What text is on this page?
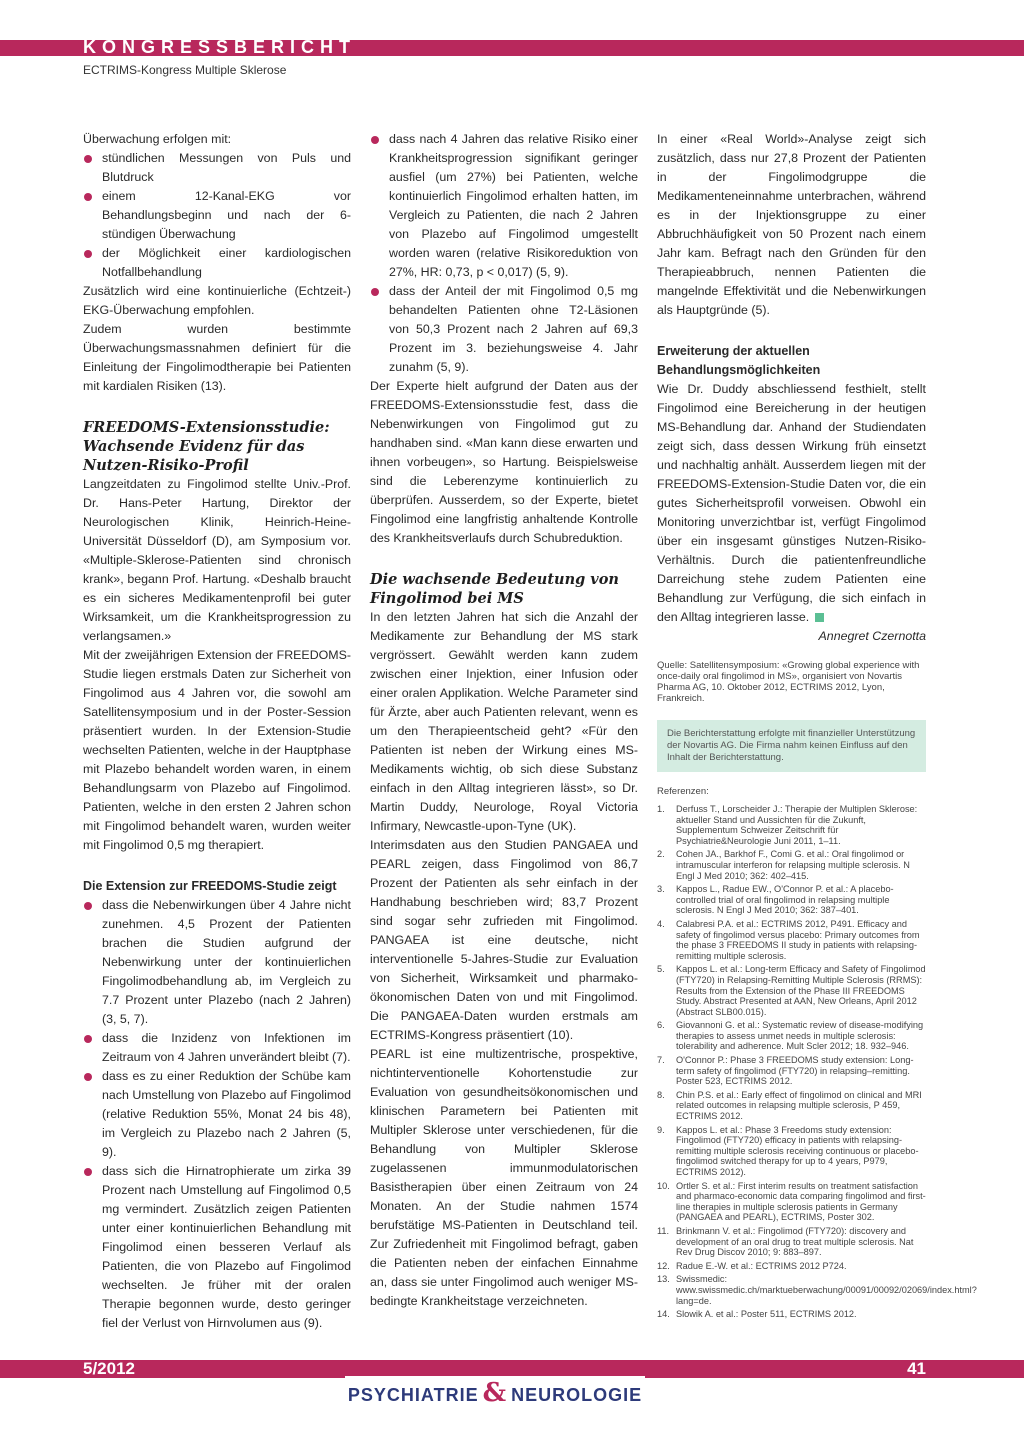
KONGRESSBERICHT
ECTRIMS-Kongress Multiple Sklerose

Überwachung erfolgen mit:

stündlichen Messungen von Puls und Blutdruck
einem 12-Kanal-EKG vor Behandlungsbeginn und nach der 6-stündigen Überwachung
der Möglichkeit einer kardiologischen Notfallbehandlung

Zusätzlich wird eine kontinuierliche (Echtzeit-) EKG-Überwachung empfohlen.

Zudem wurden bestimmte Überwachungsmassnahmen definiert für die Einleitung der Fingolimodtherapie bei Patienten mit kardialen Risiken (13).

FREEDOMS-Extensionsstudie: Wachsende Evidenz für das Nutzen-Risiko-Profil

Langzeitdaten zu Fingolimod stellte Univ.-Prof. Dr. Hans-Peter Hartung, Direktor der Neurologischen Klinik, Heinrich-Heine-Universität Düsseldorf (D), am Symposium vor. «Multiple-Sklerose-Patienten sind chronisch krank», begann Prof. Hartung. «Deshalb braucht es ein sicheres Medikamentenprofil bei guter Wirksamkeit, um die Krankheitsprogression zu verlangsamen.»

Mit der zweijährigen Extension der FREEDOMS-Studie liegen erstmals Daten zur Sicherheit von Fingolimod aus 4 Jahren vor, die sowohl am Satellitensymposium und in der Poster-Session präsentiert wurden. In der Extension-Studie wechselten Patienten, welche in der Hauptphase mit Plazebo behandelt worden waren, in einem Behandlungsarm von Plazebo auf Fingolimod. Patienten, welche in den ersten 2 Jahren schon mit Fingolimod behandelt waren, wurden weiter mit Fingolimod 0,5 mg therapiert.

Die Extension zur FREEDOMS-Studie zeigt
dass die Nebenwirkungen über 4 Jahre nicht zunehmen. 4,5 Prozent der Patienten brachen die Studien aufgrund der Nebenwirkung unter der kontinuierlichen Fingolimodbehandlung ab, im Vergleich zu 7.7 Prozent unter Plazebo (nach 2 Jahren) (3, 5, 7).
dass die Inzidenz von Infektionen im Zeitraum von 4 Jahren unverändert bleibt (7).
dass es zu einer Reduktion der Schübe kam nach Umstellung von Plazebo auf Fingolimod (relative Reduktion 55%, Monat 24 bis 48), im Vergleich zu Plazebo nach 2 Jahren (5, 9).
dass sich die Hirnatrophierate um zirka 39 Prozent nach Umstellung auf Fingolimod 0,5 mg vermindert. Zusätzlich zeigen Patienten unter einer kontinuierlichen Behandlung mit Fingolimod einen besseren Verlauf als Patienten, die von Plazebo auf Fingolimod wechselten. Je früher mit der oralen Therapie begonnen wurde, desto geringer fiel der Verlust von Hirnvolumen aus (9).
dass nach 4 Jahren das relative Risiko einer Krankheitsprogression signifikant geringer ausfiel (um 27%) bei Patienten, welche kontinuierlich Fingolimod erhalten hatten, im Vergleich zu Patienten, die nach 2 Jahren von Plazebo auf Fingolimod umgestellt worden waren (relative Risikoreduktion von 27%, HR: 0,73, p < 0,017) (5, 9).
dass der Anteil der mit Fingolimod 0,5 mg behandelten Patienten ohne T2-Läsionen von 50,3 Prozent nach 2 Jahren auf 69,3 Prozent im 3. beziehungsweise 4. Jahr zunahm (5, 9).

Der Experte hielt aufgrund der Daten aus der FREEDOMS-Extensionsstudie fest, dass die Nebenwirkungen von Fingolimod gut zu handhaben sind. «Man kann diese erwarten und ihnen vorbeugen», so Hartung. Beispielsweise sind die Leberenzyme kontinuierlich zu überprüfen. Ausserdem, so der Experte, bietet Fingolimod eine langfristig anhaltende Kontrolle des Krankheitsverlaufs durch Schubreduktion.

Die wachsende Bedeutung von Fingolimod bei MS

In den letzten Jahren hat sich die Anzahl der Medikamente zur Behandlung der MS stark vergrössert. Gewählt werden kann zudem zwischen einer Injektion, einer Infusion oder einer oralen Applikation. Welche Parameter sind für Ärzte, aber auch Patienten relevant, wenn es um den Therapieentscheid geht? «Für den Patienten ist neben der Wirkung eines MS-Medikaments wichtig, ob sich diese Substanz einfach in den Alltag integrieren lässt», so Dr. Martin Duddy, Neurologe, Royal Victoria Infirmary, Newcastle-upon-Tyne (UK).

Interimsdaten aus den Studien PANGAEA und PEARL zeigen, dass Fingolimod von 86,7 Prozent der Patienten als sehr einfach in der Handhabung beschrieben wird; 83,7 Prozent sind sogar sehr zufrieden mit Fingolimod. PANGAEA ist eine deutsche, nicht interventionelle 5-Jahres-Studie zur Evaluation von Sicherheit, Wirksamkeit und pharmako-ökonomischen Daten von und mit Fingolimod. Die PANGAEA-Daten wurden erstmals am ECTRIMS-Kongress präsentiert (10).

PEARL ist eine multizentrische, prospektive, nichtinterventionelle Kohortenstudie zur Evaluation von gesundheitsökonomischen und klinischen Parametern bei Patienten mit Multipler Sklerose unter verschiedenen, für die Behandlung von Multipler Sklerose zugelassenen immunmodulatorischen Basistherapien über einen Zeitraum von 24 Monaten. An der Studie nahmen 1574 berufstätige MS-Patienten in Deutschland teil. Zur Zufriedenheit mit Fingolimod befragt, gaben die Patienten neben der einfachen Einnahme an, dass sie unter Fingolimod auch weniger MS-bedingte Krankheitstage verzeichneten.

In einer «Real World»-Analyse zeigt sich zusätzlich, dass nur 27,8 Prozent der Patienten in der Fingolimodgruppe die Medikamenteneinnahme unterbrachen, während es in der Injektionsgruppe zu einer Abbruchhäufigkeit von 50 Prozent nach einem Jahr kam. Befragt nach den Gründen für den Therapieabbruch, nennen Patienten die mangelnde Effektivität und die Nebenwirkungen als Hauptgründe (5).

Erweiterung der aktuellen Behandlungsmöglichkeiten

Wie Dr. Duddy abschliessend festhielt, stellt Fingolimod eine Bereicherung in der heutigen MS-Behandlung dar. Anhand der Studiendaten zeigt sich, dass dessen Wirkung früh einsetzt und nachhaltig anhält. Ausserdem liegen mit der FREEDOMS-Extension-Studie Daten vor, die ein gutes Sicherheitsprofil vorweisen. Obwohl ein Monitoring unverzichtbar ist, verfügt Fingolimod über ein insgesamt günstiges Nutzen-Risiko-Verhältnis. Durch die patientenfreundliche Darreichung stehe zudem Patienten eine Behandlung zur Verfügung, die sich einfach in den Alltag integrieren lasse.

Annegret Czernotta

Quelle: Satellitensymposium: «Growing global experience with once-daily oral fingolimod in MS», organisiert von Novartis Pharma AG, 10. Oktober 2012, ECTRIMS 2012, Lyon, Frankreich.
Die Berichterstattung erfolgte mit finanzieller Unterstützung der Novartis AG. Die Firma nahm keinen Einfluss auf den Inhalt der Berichterstattung.
Referenzen:
1. Derfuss T., Lorscheider J.: Therapie der Multiplen Sklerose: aktueller Stand und Aussichten für die Zukunft, Supplementum Schweizer Zeitschrift für Psychiatrie&Neurologie Juni 2011, 1–11.
2. Cohen JA., Barkhof F., Comi G. et al.: Oral fingolimod or intramuscular interferon for relapsing multiple sclerosis. N Engl J Med 2010; 362: 402–415.
3. Kappos L., Radue EW., O'Connor P. et al.: A placebo-controlled trial of oral fingolimod in relapsing multiple sclerosis. N Engl J Med 2010; 362: 387–401.
4. Calabresi P.A. et al.: ECTRIMS 2012, P491. Efficacy and safety of fingolimod versus placebo: Primary outcomes from the phase 3 FREEDOMS II study in patients with relapsing-remitting multiple sclerosis.
5. Kappos L. et al.: Long-term Efficacy and Safety of Fingolimod (FTY720) in Relapsing-Remitting Multiple Sclerosis (RRMS): Results from the Extension of the Phase III FREEDOMS Study. Abstract Presented at AAN, New Orleans, April 2012 (Abstract SLB00.015).
6. Giovannoni G. et al.: Systematic review of disease-modifying therapies to assess unmet needs in multiple sclerosis: tolerability and adherence. Mult Scler 2012; 18. 932–946.
7. O'Connor P.: Phase 3 FREEDOMS study extension: Long-term safety of fingolimod (FTY720) in relapsing–remitting. Poster 523, ECTRIMS 2012.
8. Chin P.S. et al.: Early effect of fingolimod on clinical and MRI related outcomes in relapsing multiple sclerosis, P 459, ECTRIMS 2012.
9. Kappos L. et al.: Phase 3 Freedoms study extension: Fingolimod (FTY720) efficacy in patients with relapsing-remitting multiple sclerosis receiving continuous or placebo-fingolimod switched therapy for up to 4 years, P979, ECTRIMS 2012).
10. Ortler S. et al.: First interim results on treatment satisfaction and pharmaco-economic data comparing fingolimod and first-line therapies in multiple sclerosis patients in Germany (PANGAEA and PEARL), ECTRIMS, Poster 302.
11. Brinkmann V. et al.: Fingolimod (FTY720): discovery and development of an oral drug to treat multiple sclerosis. Nat Rev Drug Discov 2010; 9: 883–897.
12. Radue E.-W. et al.: ECTRIMS 2012 P724.
13. Swissmedic: www.swissmedic.ch/marktueberwachung/00091/00092/02069/index.html?lang=de.
14. Slowik A. et al.: Poster 511, ECTRIMS 2012.
5/2012	41
PSYCHIATRIE & NEUROLOGIE
